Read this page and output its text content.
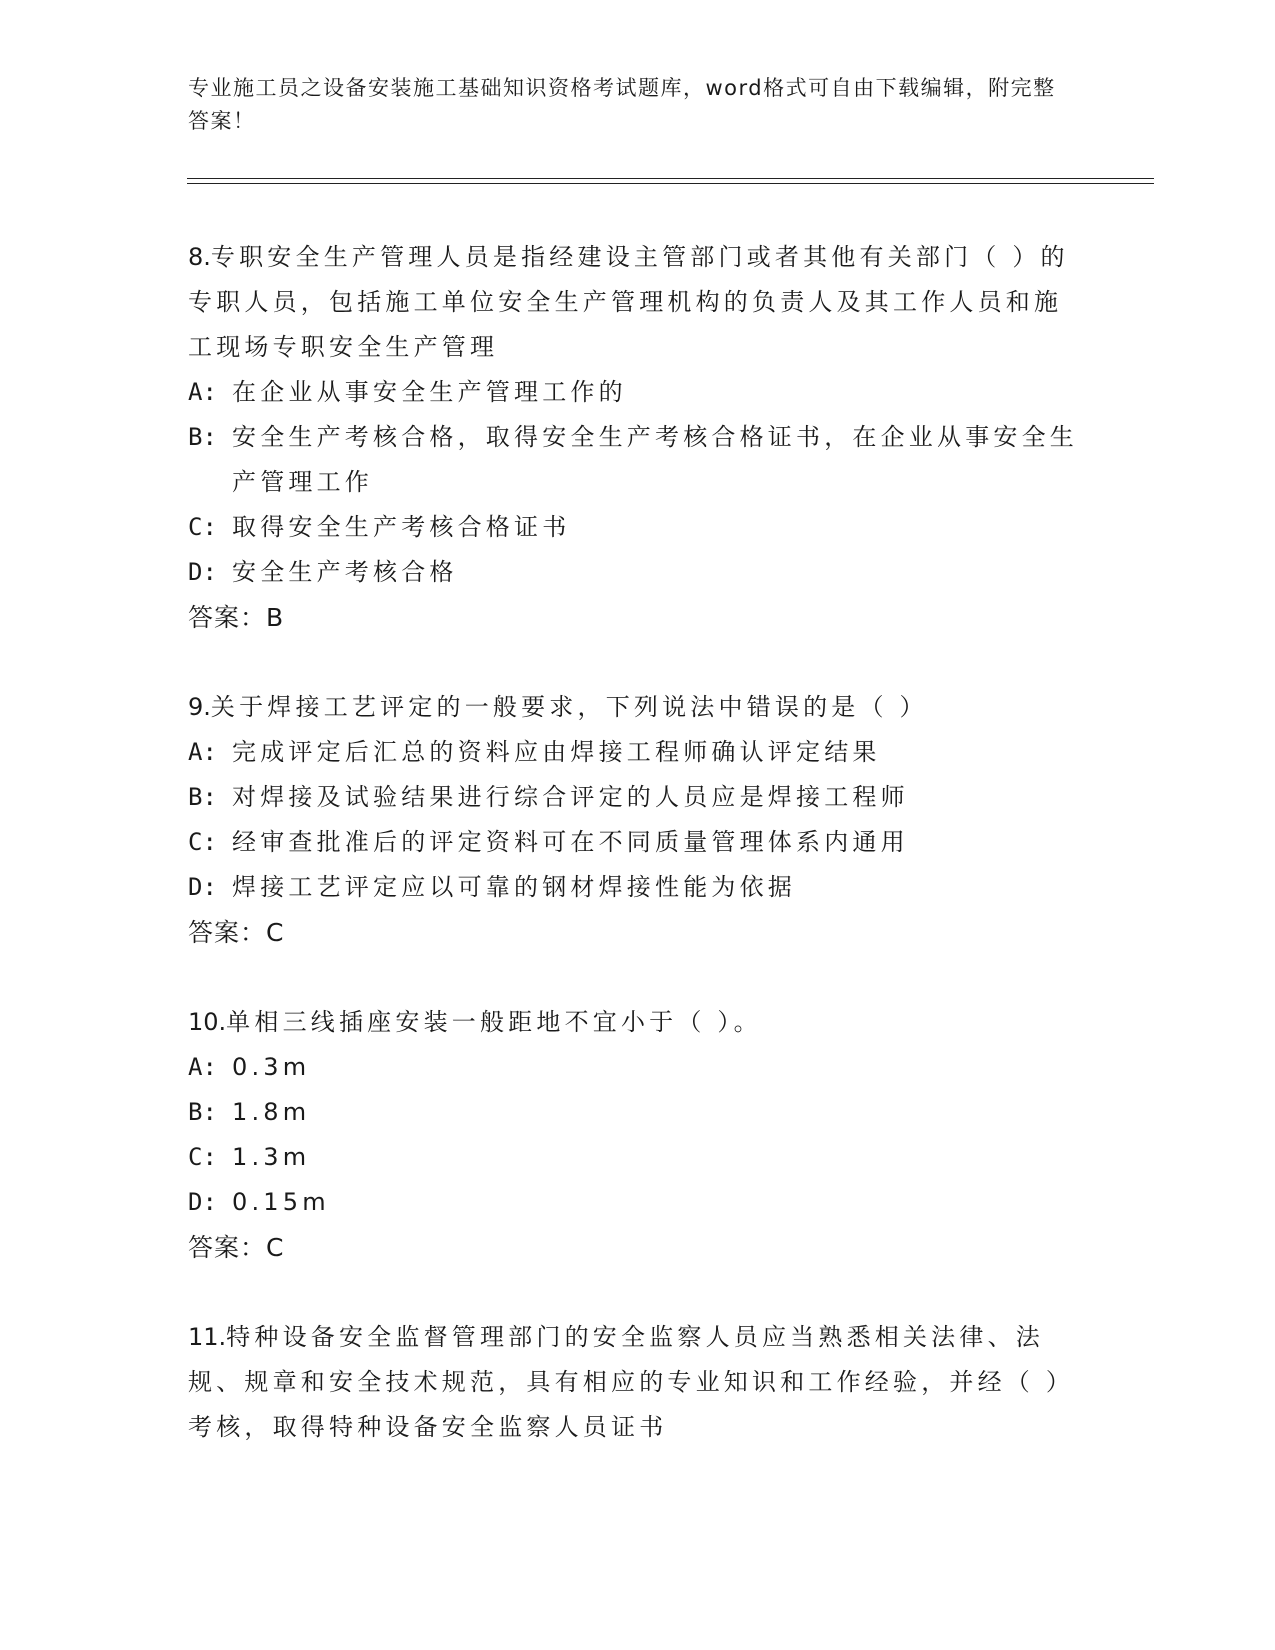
专业施工员之设备安装施工基础知识资格考试题库，word格式可自由下载编辑，附完整答案！
8.专职安全生产管理人员是指经建设主管部门或者其他有关部门（ ）的专职人员，包括施工单位安全生产管理机构的负责人及其工作人员和施工现场专职安全生产管理
A: 在企业从事安全生产管理工作的
B: 安全生产考核合格，取得安全生产考核合格证书，在企业从事安全生产管理工作
C: 取得安全生产考核合格证书
D: 安全生产考核合格
答案：B
9.关于焊接工艺评定的一般要求，下列说法中错误的是（ ）
A: 完成评定后汇总的资料应由焊接工程师确认评定结果
B: 对焊接及试验结果进行综合评定的人员应是焊接工程师
C: 经审查批准后的评定资料可在不同质量管理体系内通用
D: 焊接工艺评定应以可靠的钢材焊接性能为依据
答案：C
10.单相三线插座安装一般距地不宜小于（ ）。
A: 0.3m
B: 1.8m
C: 1.3m
D: 0.15m
答案：C
11.特种设备安全监督管理部门的安全监察人员应当熟悉相关法律、法规、规章和安全技术规范，具有相应的专业知识和工作经验，并经（ ）考核，取得特种设备安全监察人员证书
